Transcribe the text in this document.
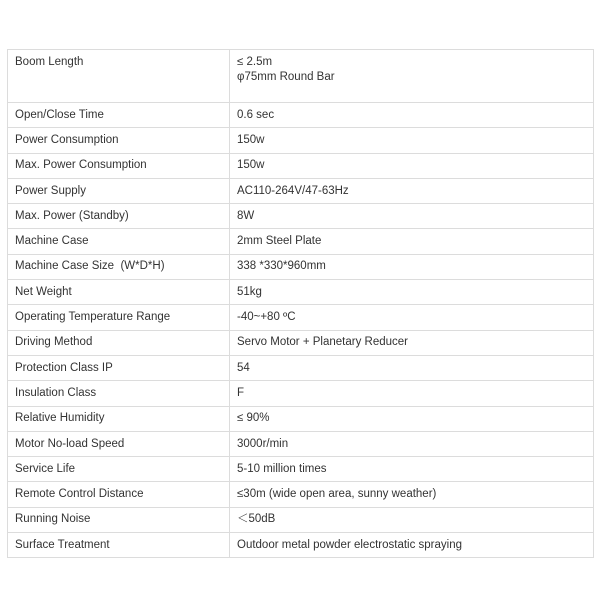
Boom Length	≤ 2.5m
φ75mm Round Bar

Open/Close Time	0.6 sec
Power Consumption	150w
Max. Power Consumption	150w
Power Supply	AC110-264V/47-63Hz
Max. Power (Standby)	8W
Machine Case	2mm Steel Plate
Machine Case Size  (W*D*H)	338 *330*960mm
Net Weight	51kg
Operating Temperature Range	-40~+80 ºC
Driving Method	Servo Motor + Planetary Reducer
Protection Class IP	54
Insulation Class	F
Relative Humidity	≤ 90%
Motor No-load Speed	3000r/min
Service Life	5-10 million times
Remote Control Distance	≤30m (wide open area, sunny weather)
Running Noise	＜50dB
Surface Treatment	Outdoor metal powder electrostatic spraying
